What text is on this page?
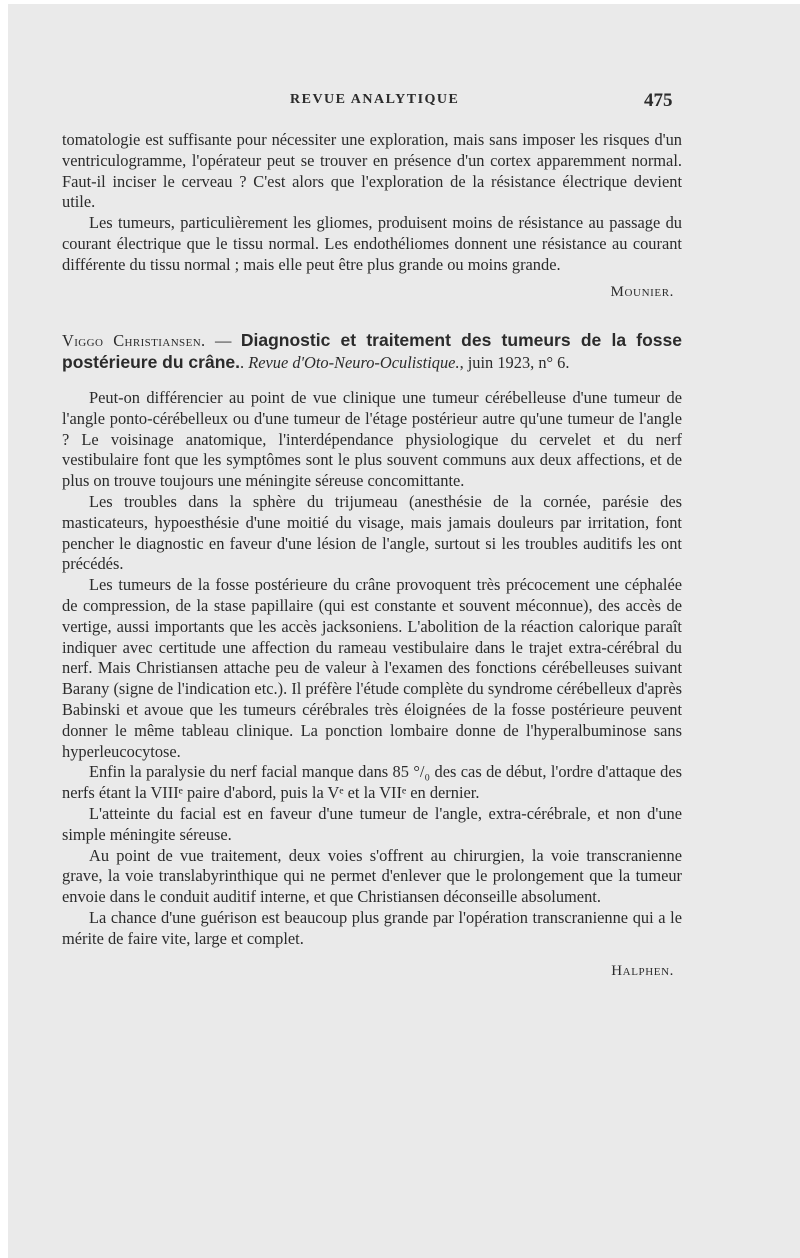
REVUE ANALYTIQUE	475

tomatologie est suffisante pour nécessiter une exploration, mais sans imposer les risques d'un ventriculogramme, l'opérateur peut se trouver en présence d'un cortex apparemment normal. Faut-il inciser le cerveau ? C'est alors que l'exploration de la résistance électrique devient utile.

Les tumeurs, particulièrement les gliomes, produisent moins de résistance au passage du courant électrique que le tissu normal. Les endothéliomes donnent une résistance au courant différente du tissu normal ; mais elle peut être plus grande ou moins grande.

Mounier.
Viggo Christiansen. — Diagnostic et traitement des tumeurs de la fosse postérieure du crâne.. Revue d'Oto-Neuro-Oculistique., juin 1923, n° 6.

Peut-on différencier au point de vue clinique une tumeur cérébelleuse d'une tumeur de l'angle ponto-cérébelleux ou d'une tumeur de l'étage postérieur autre qu'une tumeur de l'angle ? Le voisinage anatomique, l'interdépendance physiologique du cervelet et du nerf vestibulaire font que les symptômes sont le plus souvent communs aux deux affections, et de plus on trouve toujours une méningite séreuse concomittante.

Les troubles dans la sphère du trijumeau (anesthésie de la cornée, parésie des masticateurs, hypoesthésie d'une moitié du visage, mais jamais douleurs par irritation, font pencher le diagnostic en faveur d'une lésion de l'angle, surtout si les troubles auditifs les ont précédés.

Les tumeurs de la fosse postérieure du crâne provoquent très précocement une céphalée de compression, de la stase papillaire (qui est constante et souvent méconnue), des accès de vertige, aussi importants que les accès jacksoniens. L'abolition de la réaction calorique paraît indiquer avec certitude une affection du rameau vestibulaire dans le trajet extra-cérébral du nerf. Mais Christiansen attache peu de valeur à l'examen des fonctions cérébelleuses suivant Barany (signe de l'indication etc.). Il préfère l'étude complète du syndrome cérébelleux d'après Babinski et avoue que les tumeurs cérébrales très éloignées de la fosse postérieure peuvent donner le même tableau clinique. La ponction lombaire donne de l'hyperalbuminose sans hyperleucocytose.

Enfin la paralysie du nerf facial manque dans 85 °/₀ des cas de début, l'ordre d'attaque des nerfs étant la VIIIᵉ paire d'abord, puis la Vᵉ et la VIIᵉ en dernier.

L'atteinte du facial est en faveur d'une tumeur de l'angle, extra-cérébrale, et non d'une simple méningite séreuse.

Au point de vue traitement, deux voies s'offrent au chirurgien, la voie transcranienne grave, la voie translabyrinthique qui ne permet d'enlever que le prolongement que la tumeur envoie dans le conduit auditif interne, et que Christiansen déconseille absolument.

La chance d'une guérison est beaucoup plus grande par l'opération transcranienne qui a le mérite de faire vite, large et complet.

Halphen.
